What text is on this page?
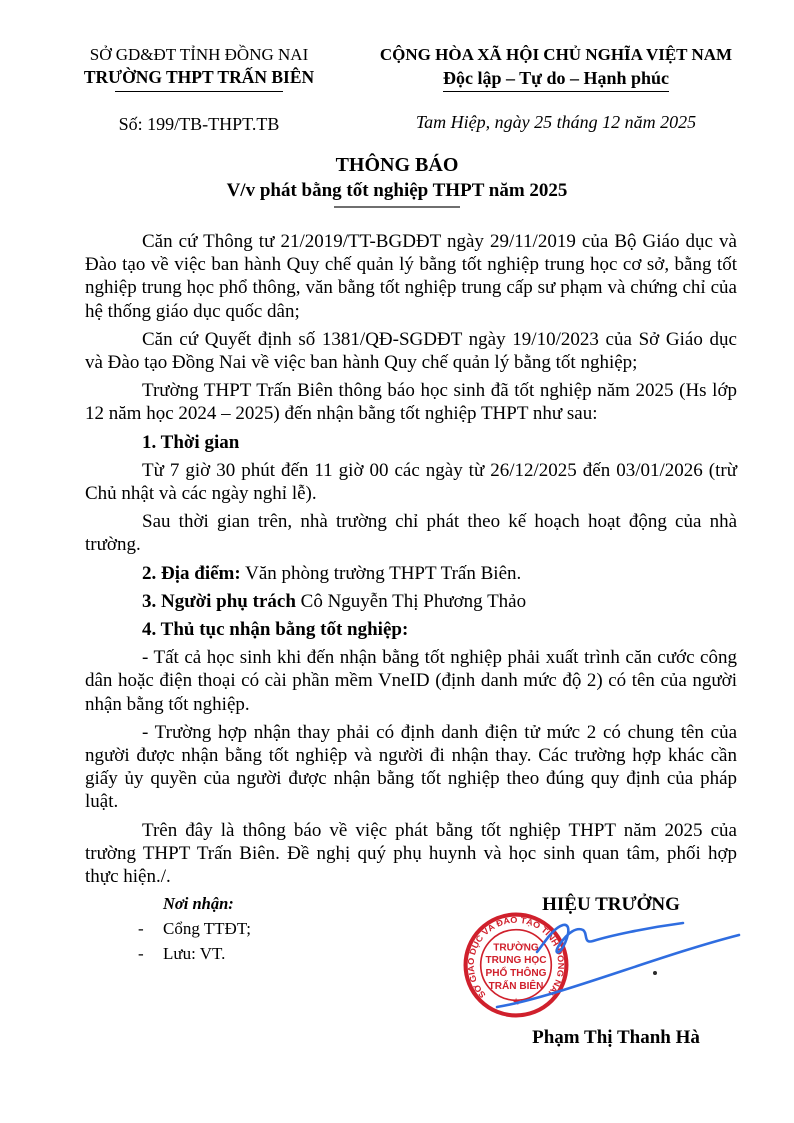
SỞ GD&ĐT TỈNH ĐỒNG NAI
TRƯỜNG THPT TRẤN BIÊN
Số: 199/TB-THPT.TB
CỘNG HÒA XÃ HỘI CHỦ NGHĨA VIỆT NAM
Độc lập – Tự do – Hạnh phúc
Tam Hiệp, ngày 25 tháng 12 năm 2025
THÔNG BÁO
V/v phát bằng tốt nghiệp THPT năm 2025

Căn cứ Thông tư 21/2019/TT-BGDĐT ngày 29/11/2019 của Bộ Giáo dục và Đào tạo về việc ban hành Quy chế quản lý bằng tốt nghiệp trung học cơ sở, bằng tốt nghiệp trung học phổ thông, văn bằng tốt nghiệp trung cấp sư phạm và chứng chỉ của hệ thống giáo dục quốc dân;

Căn cứ Quyết định số 1381/QĐ-SGDĐT ngày 19/10/2023 của Sở Giáo dục và Đào tạo Đồng Nai về việc ban hành Quy chế quản lý bằng tốt nghiệp;

Trường THPT Trấn Biên thông báo học sinh đã tốt nghiệp năm 2025 (Hs lớp 12 năm học 2024 – 2025) đến nhận bằng tốt nghiệp THPT như sau:

1. Thời gian

Từ 7 giờ 30 phút đến 11 giờ 00 các ngày từ 26/12/2025 đến 03/01/2026 (trừ Chủ nhật và các ngày nghỉ lễ).

Sau thời gian trên, nhà trường chỉ phát theo kế hoạch hoạt động của nhà trường.

2. Địa điểm: Văn phòng trường THPT Trấn Biên.

3. Người phụ trách Cô Nguyễn Thị Phương Thảo

4. Thủ tục nhận bằng tốt nghiệp:

- Tất cả học sinh khi đến nhận bằng tốt nghiệp phải xuất trình căn cước công dân hoặc điện thoại có cài phần mềm VneID (định danh mức độ 2) có tên của người nhận bằng tốt nghiệp.

- Trường hợp nhận thay phải có định danh điện tử mức 2 có chung tên của người được nhận bằng tốt nghiệp và người đi nhận thay. Các trường hợp khác cần giấy ủy quyền của người được nhận bằng tốt nghiệp theo đúng quy định của pháp luật.

Trên đây là thông báo về việc phát bằng tốt nghiệp THPT năm 2025 của trường THPT Trấn Biên. Đề nghị quý phụ huynh và học sinh quan tâm, phối hợp thực hiện./.

Nơi nhận:
-	Cổng TTĐT;
-	Lưu: VT.
HIỆU TRƯỞNG
SỞ GIÁO DỤC VÀ ĐÀO TẠO TỈNH ĐỒNG NAI
TRƯỜNG
TRUNG HỌC
PHỔ THÔNG
TRẤN BIÊN
★
Phạm Thị Thanh Hà
